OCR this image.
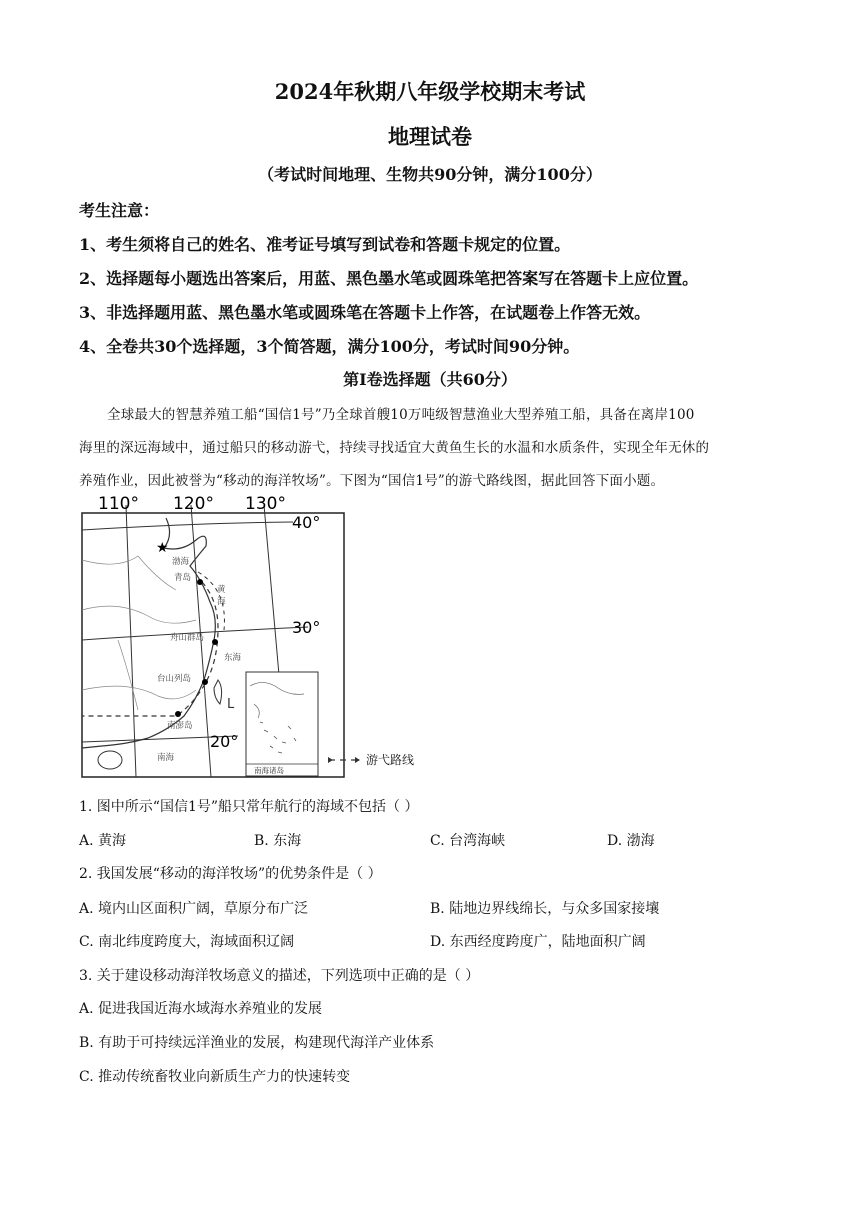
2024年秋期八年级学校期末考试
地理试卷
（考试时间地理、生物共90分钟，满分100分）
考生注意：
1、考生须将自己的姓名、准考证号填写到试卷和答题卡规定的位置。
2、选择题每小题选出答案后，用蓝、黑色墨水笔或圆珠笔把答案写在答题卡上应位置。
3、非选择题用蓝、黑色墨水笔或圆珠笔在答题卡上作答，在试题卷上作答无效。
4、全卷共30个选择题，3个简答题，满分100分，考试时间90分钟。
第Ⅰ卷选择题（共60分）
全球最大的智慧养殖工船“国信1号”乃全球首艘10万吨级智慧渔业大型养殖工船，具备在离岸100
海里的深远海域中，通过船只的移动游弋，持续寻找适宜大黄鱼生长的水温和水质条件，实现全年无休的
养殖作业，因此被誉为“移动的海洋牧场”。下图为“国信1号”的游弋路线图，据此回答下面小题。
★
110° 120° 130°
40°
30°
20°
渤海
青岛
黄
海
舟山群岛
东海
台山列岛
南澎岛
南海
南海诸岛
L
游弋路线
1. 图中所示“国信1号”船只常年航行的海域不包括（ ）
A. 黄海	B. 东海	C. 台湾海峡	D. 渤海
2. 我国发展“移动的海洋牧场”的优势条件是（ ）
A. 境内山区面积广阔，草原分布广泛	B. 陆地边界线绵长，与众多国家接壤
C. 南北纬度跨度大，海域面积辽阔	D. 东西经度跨度广，陆地面积广阔
3. 关于建设移动海洋牧场意义的描述，下列选项中正确的是（ ）
A. 促进我国近海水域海水养殖业的发展
B. 有助于可持续远洋渔业的发展，构建现代海洋产业体系
C. 推动传统畜牧业向新质生产力的快速转变
